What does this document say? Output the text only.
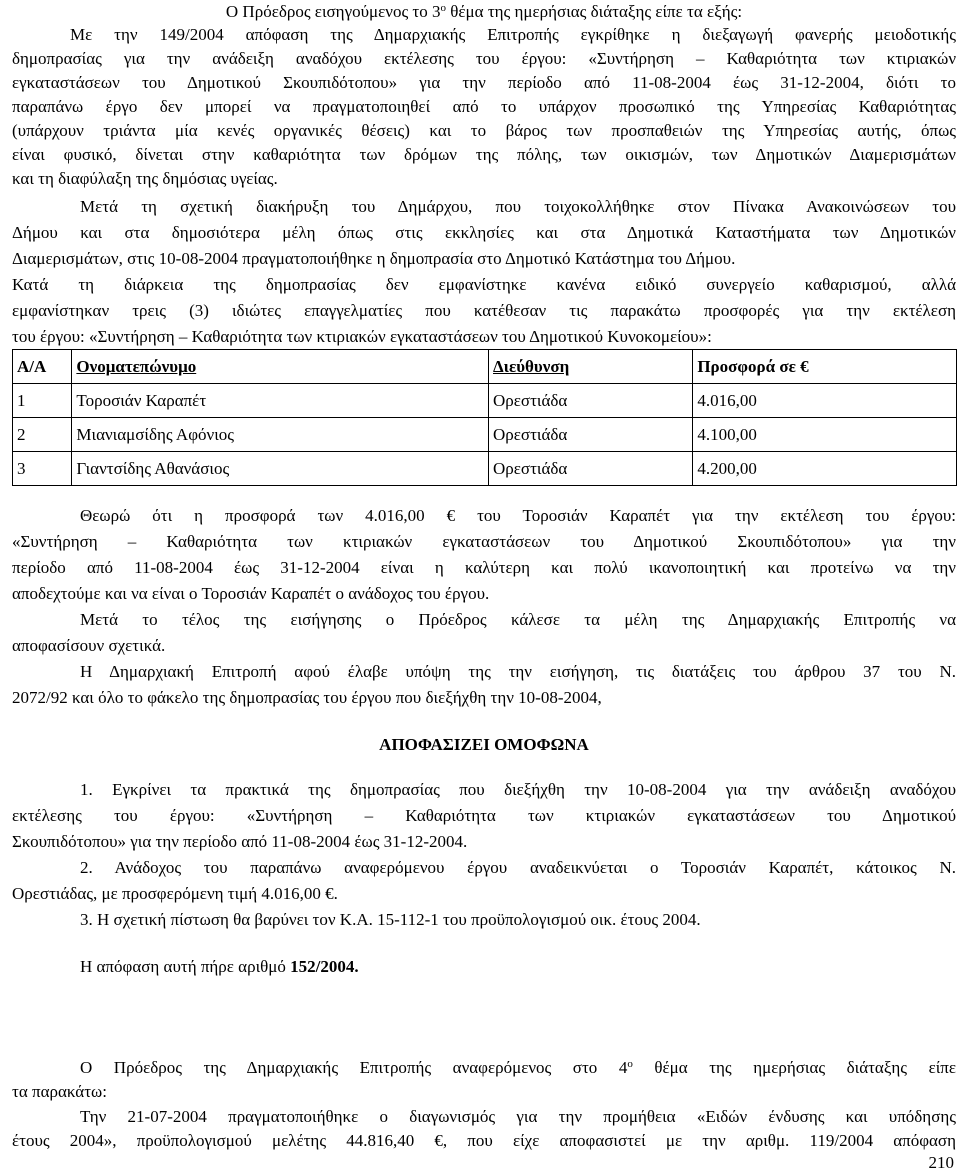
Ο Πρόεδρος εισηγούμενος το $3^o$ θέμα της ημερήσιας διάταξης είπε τα εξής:
Με την 149/2004 απόφαση της Δημαρχιακής Επιτροπής εγκρίθηκε η διεξαγωγή φανερής μειοδοτικής
δημοπρασίας για την ανάδειξη αναδόχου εκτέλεσης του έργου: «Συντήρηση – Καθαριότητα των κτιριακών
εγκαταστάσεων του Δημοτικού Σκουπιδότοπου» για την περίοδο από 11-08-2004 έως 31-12-2004, διότι το
παραπάνω έργο δεν μπορεί να πραγματοποιηθεί από το υπάρχον προσωπικό της Υπηρεσίας Καθαριότητας
(υπάρχουν τριάντα μία κενές οργανικές θέσεις) και το βάρος των προσπαθειών της Υπηρεσίας αυτής, όπως
είναι φυσικό, δίνεται στην καθαριότητα των δρόμων της πόλης, των οικισμών, των Δημοτικών Διαμερισμάτων
και τη διαφύλαξη της δημόσιας υγείας.
Μετά τη σχετική διακήρυξη του Δημάρχου, που τοιχοκολλήθηκε στον Πίνακα Ανακοινώσεων του
Δήμου και στα δημοσιότερα μέλη όπως στις εκκλησίες και στα Δημοτικά Καταστήματα των Δημοτικών
Διαμερισμάτων, στις 10-08-2004 πραγματοποιήθηκε η δημοπρασία στο Δημοτικό Κατάστημα του Δήμου.
Κατά τη διάρκεια της δημοπρασίας δεν εμφανίστηκε κανένα ειδικό συνεργείο καθαρισμού, αλλά
εμφανίστηκαν τρεις (3) ιδιώτες επαγγελματίες που κατέθεσαν τις παρακάτω προσφορές για την εκτέλεση
του έργου: «Συντήρηση – Καθαριότητα των κτιριακών εγκαταστάσεων του Δημοτικού Κυνοκομείου»:
Α/Α	Ονοματεπώνυμο	Διεύθυνση	Προσφορά σε €
1	Τοροσιάν Καραπέτ	Ορεστιάδα	4.016,00
2	Μιανιαμσίδης Αφόνιος	Ορεστιάδα	4.100,00
3	Γιαντσίδης Αθανάσιος	Ορεστιάδα	4.200,00
Θεωρώ ότι η προσφορά των 4.016,00 € του Τοροσιάν Καραπέτ για την εκτέλεση του έργου:
«Συντήρηση – Καθαριότητα των κτιριακών εγκαταστάσεων του Δημοτικού Σκουπιδότοπου» για την
περίοδο από 11-08-2004 έως 31-12-2004 είναι η καλύτερη και πολύ ικανοποιητική και προτείνω να την
αποδεχτούμε και να είναι ο Τοροσιάν Καραπέτ ο ανάδοχος του έργου.
Μετά το τέλος της εισήγησης ο Πρόεδρος κάλεσε τα μέλη της Δημαρχιακής Επιτροπής να
αποφασίσουν σχετικά.
Η Δημαρχιακή Επιτροπή αφού έλαβε υπόψη της την εισήγηση, τις διατάξεις του άρθρου 37 του Ν.
2072/92 και όλο το φάκελο της δημοπρασίας του έργου που διεξήχθη την 10-08-2004,
ΑΠΟΦΑΣΙΖΕΙ ΟΜΟΦΩΝΑ
1. Εγκρίνει τα πρακτικά της δημοπρασίας που διεξήχθη την 10-08-2004 για την ανάδειξη αναδόχου
εκτέλεσης του έργου: «Συντήρηση – Καθαριότητα των κτιριακών εγκαταστάσεων του Δημοτικού
Σκουπιδότοπου» για την περίοδο από 11-08-2004 έως 31-12-2004.
2. Ανάδοχος του παραπάνω αναφερόμενου έργου αναδεικνύεται ο Τοροσιάν Καραπέτ, κάτοικος Ν.
Ορεστιάδας, με προσφερόμενη τιμή 4.016,00 €.
3. Η σχετική πίστωση θα βαρύνει τον Κ.Α. 15-112-1 του προϋπολογισμού οικ. έτους 2004.
Η απόφαση αυτή πήρε αριθμό 152/2004.
Ο Πρόεδρος της Δημαρχιακής Επιτροπής αναφερόμενος στο $4^o$ θέμα της ημερήσιας διάταξης είπε
τα παρακάτω:
Την 21-07-2004 πραγματοποιήθηκε ο διαγωνισμός για την προμήθεια «Ειδών ένδυσης και υπόδησης
έτους 2004», προϋπολογισμού μελέτης 44.816,40 €, που είχε αποφασιστεί με την αριθμ. 119/2004 απόφαση
210
